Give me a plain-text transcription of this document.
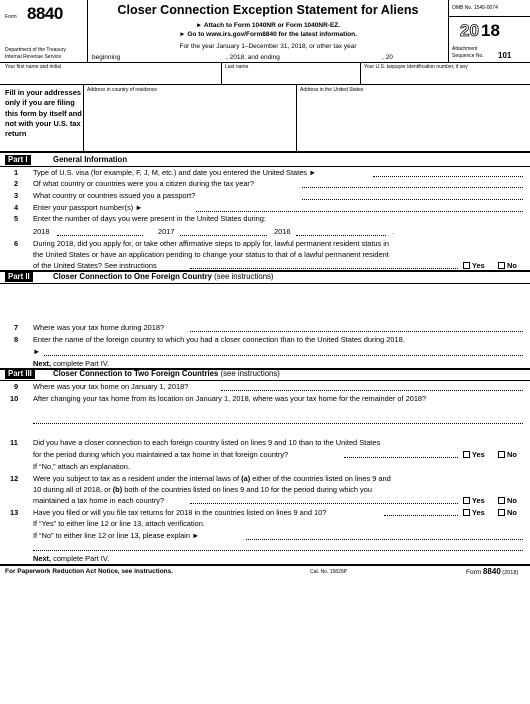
Form 8840
Department of the Treasury
Internal Revenue Service
Closer Connection Exception Statement for Aliens
► Attach to Form 1040NR or Form 1040NR-EZ.
► Go to www.irs.gov/Form8840 for the latest information.
For the year January 1–December 31, 2018, or other tax year
beginning	, 2018, and ending	, 20
OMB No. 1545-0074
20 18
Attachment
Sequence No. 101
Your first name and initial	Last name	Your U.S. taxpayer identification number, if any
Fill in your addresses only if you are filing this form by itself and not with your U.S. tax return
Address in country of residence	Address in the United States
Part I	General Information
1 Type of U.S. visa (for example, F, J, M, etc.) and date you entered the United States ►
2 Of what country or countries were you a citizen during the tax year?
3 What country or countries issued you a passport?
4 Enter your passport number(s) ►
5 Enter the number of days you were present in the United States during:
2018	2017	2016	.
6 During 2018, did you apply for, or take other affirmative steps to apply for, lawful permanent resident status in
the United States or have an application pending to change your status to that of a lawful permanent resident
of the United States? See instructions	Yes	No
Part II	Closer Connection to One Foreign Country (see instructions)
7 Where was your tax home during 2018?
8 Enter the name of the foreign country to which you had a closer connection than to the United States during 2018.
►
Next, complete Part IV.
Part III	Closer Connection to Two Foreign Countries (see instructions)
9 Where was your tax home on January 1, 2018?
10 After changing your tax home from its location on January 1, 2018, where was your tax home for the remainder of 2018?
11 Did you have a closer connection to each foreign country listed on lines 9 and 10 than to the United States
for the period during which you maintained a tax home in that foreign country?	Yes	No
If “No,” attach an explanation.
12 Were you subject to tax as a resident under the internal laws of (a) either of the countries listed on lines 9 and
10 during all of 2018, or (b) both of the countries listed on lines 9 and 10 for the period during which you
maintained a tax home in each country?	Yes	No
13 Have you filed or will you file tax returns for 2018 in the countries listed on lines 9 and 10?	Yes	No
If “Yes” to either line 12 or line 13, attach verification.
If “No” to either line 12 or line 13, please explain ►
Next, complete Part IV.
For Paperwork Reduction Act Notice, see instructions.	Cat. No. 15829P	Form 8840 (2018)
